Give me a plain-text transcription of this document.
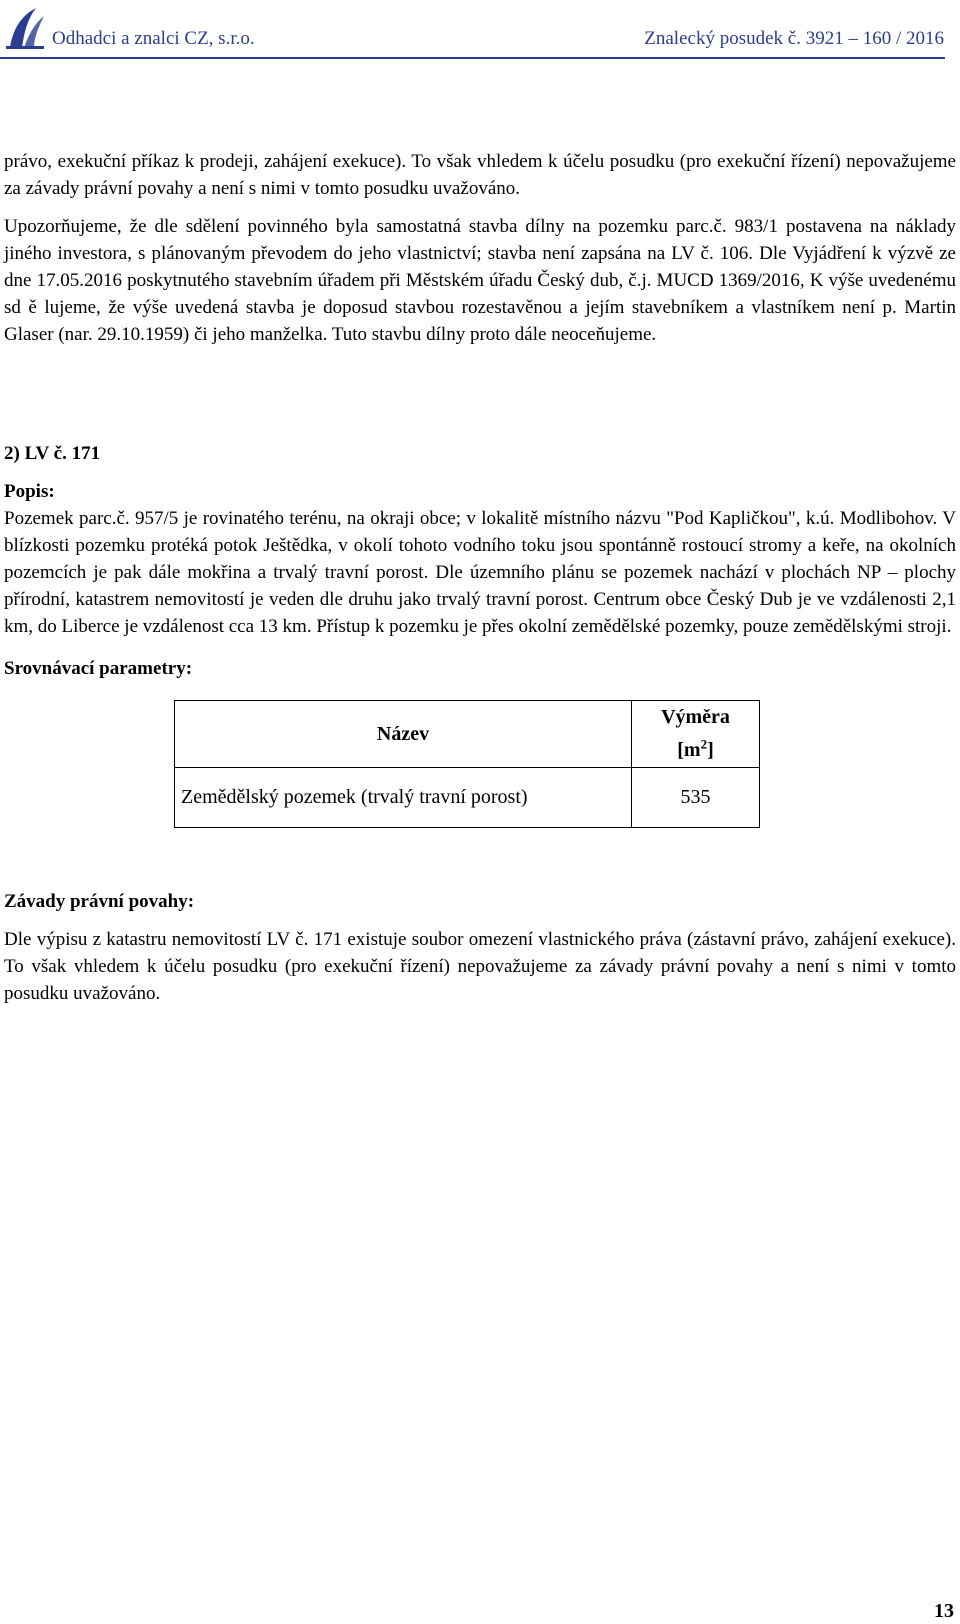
Odhadci a znalci CZ, s.r.o.	Znalecký posudek č. 3921 – 160 / 2016

právo, exekuční příkaz k prodeji, zahájení exekuce). To však vhledem k účelu posudku (pro exekuční řízení) nepovažujeme za závady právní povahy a není s nimi v tomto posudku uvažováno.

Upozorňujeme, že dle sdělení povinného byla samostatná stavba dílny na pozemku parc.č. 983/1 postavena na náklady jiného investora, s plánovaným převodem do jeho vlastnictví; stavba není zapsána na LV č. 106. Dle Vyjádření k výzvě ze dne 17.05.2016 poskytnutého stavebním úřadem při Městském úřadu Český dub, č.j. MUCD 1369/2016, K výše uvedenému sd ě lujeme, že výše uvedená stavba je doposud stavbou rozestavěnou a jejím stavebníkem a vlastníkem není p. Martin Glaser (nar. 29.10.1959) či jeho manželka. Tuto stavbu dílny proto dále neoceňujeme.

2) LV č. 171

Popis:

Pozemek parc.č. 957/5 je rovinatého terénu, na okraji obce; v lokalitě místního názvu "Pod Kapličkou", k.ú. Modlibohov. V blízkosti pozemku protéká potok Ještědka, v okolí tohoto vodního toku jsou spontánně rostoucí stromy a keře, na okolních pozemcích je pak dále mokřina a trvalý travní porost. Dle územního plánu se pozemek nachází v plochách NP – plochy přírodní, katastrem nemovitostí je veden dle druhu jako trvalý travní porost. Centrum obce Český Dub je ve vzdálenosti 2,1 km, do Liberce je vzdálenost cca 13 km. Přístup k pozemku je přes okolní zemědělské pozemky, pouze zemědělskými stroji.

Srovnávací parametry:

Název	Výměra
$[m^2]$
Zemědělský pozemek (trvalý travní porost)	535

Závady právní povahy:

Dle výpisu z katastru nemovitostí LV č. 171 existuje soubor omezení vlastnického práva (zástavní právo, zahájení exekuce). To však vhledem k účelu posudku (pro exekuční řízení) nepovažujeme za závady právní povahy a není s nimi v tomto posudku uvažováno.

13
